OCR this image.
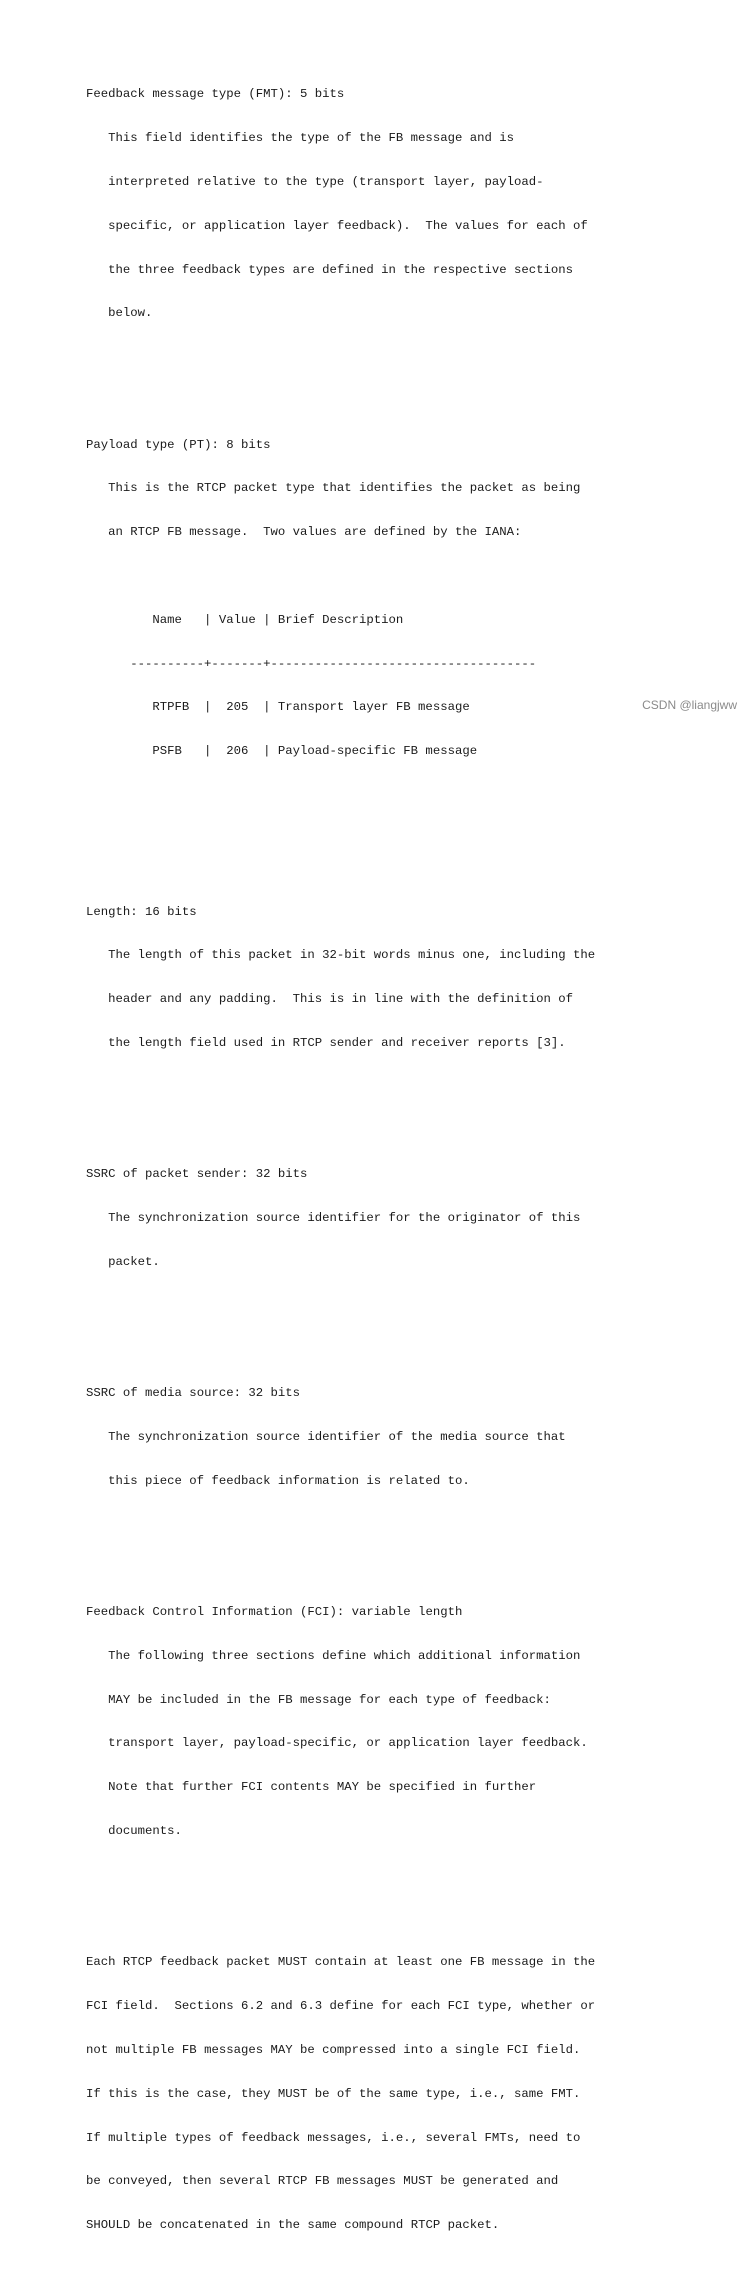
Feedback message type (FMT): 5 bits

This field identifies the type of the FB message and is

interpreted relative to the type (transport layer, payload-

specific, or application layer feedback).  The values for each of

the three feedback types are defined in the respective sections

below.

Payload type (PT): 8 bits

This is the RTCP packet type that identifies the packet as being

an RTCP FB message.  Two values are defined by the IANA:

Name   | Value | Brief Description

----------+-------+------------------------------------

RTPFB  |  205  | Transport layer FB message

PSFB   |  206  | Payload-specific FB message

Length: 16 bits

The length of this packet in 32-bit words minus one, including the

header and any padding.  This is in line with the definition of

the length field used in RTCP sender and receiver reports [3].

SSRC of packet sender: 32 bits

The synchronization source identifier for the originator of this

packet.

SSRC of media source: 32 bits

The synchronization source identifier of the media source that

this piece of feedback information is related to.

Feedback Control Information (FCI): variable length

The following three sections define which additional information

MAY be included in the FB message for each type of feedback:

transport layer, payload-specific, or application layer feedback.

Note that further FCI contents MAY be specified in further

documents.

Each RTCP feedback packet MUST contain at least one FB message in the

FCI field.  Sections 6.2 and 6.3 define for each FCI type, whether or

not multiple FB messages MAY be compressed into a single FCI field.

If this is the case, they MUST be of the same type, i.e., same FMT.

If multiple types of feedback messages, i.e., several FMTs, need to

be conveyed, then several RTCP FB messages MUST be generated and

SHOULD be concatenated in the same compound RTCP packet.

CSDN @liangjww
